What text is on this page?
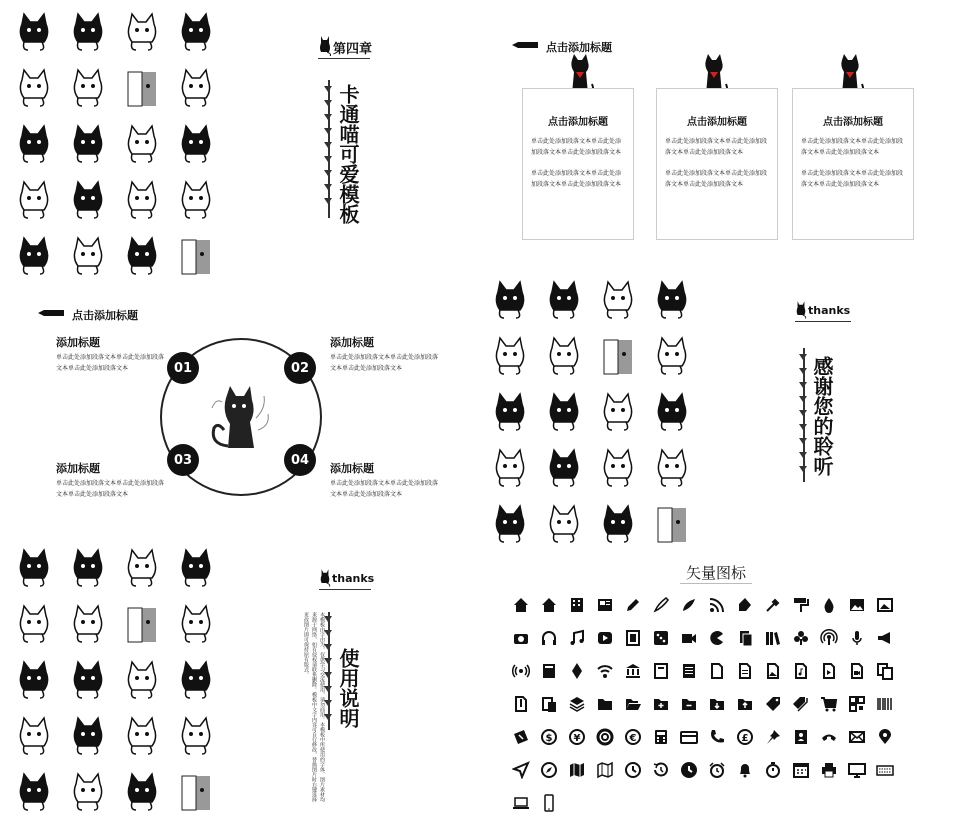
第四章
卡通喵可爱模板
点击添加标题
点击添加标题
单击此处添加段落文本单击此处添加段落文本单击此处添加段落文本
单击此处添加段落文本单击此处添加段落文本单击此处添加段落文本
点击添加标题
单击此处添加段落文本单击此处添加段落文本单击此处添加段落文本
单击此处添加段落文本单击此处添加段落文本单击此处添加段落文本
点击添加标题
单击此处添加段落文本单击此处添加段落文本单击此处添加段落文本
单击此处添加段落文本单击此处添加段落文本单击此处添加段落文本
点击添加标题
01
添加标题
单击此处添加段落文本单击此处添加段落文本单击此处添加段落文本	02
添加标题
单击此处添加段落文本单击此处添加段落文本单击此处添加段落文本
03
添加标题
单击此处添加段落文本单击此处添加段落文本单击此处添加段落文本
04
添加标题
单击此处添加段落文本单击此处添加段落文本单击此处添加段落文本
thanks
感谢您的聆听
thanks
使用说明
本模板由字由为，仅供学习交流使用，请勿商用。本模板中所使用的字体、图片素材均来源于网络，如有侵权请联系删除。模板中文字内容可自行修改，替换图片时右键选择更改图片即可保持原有版式。
矢量图标
$ ¥	€	£
